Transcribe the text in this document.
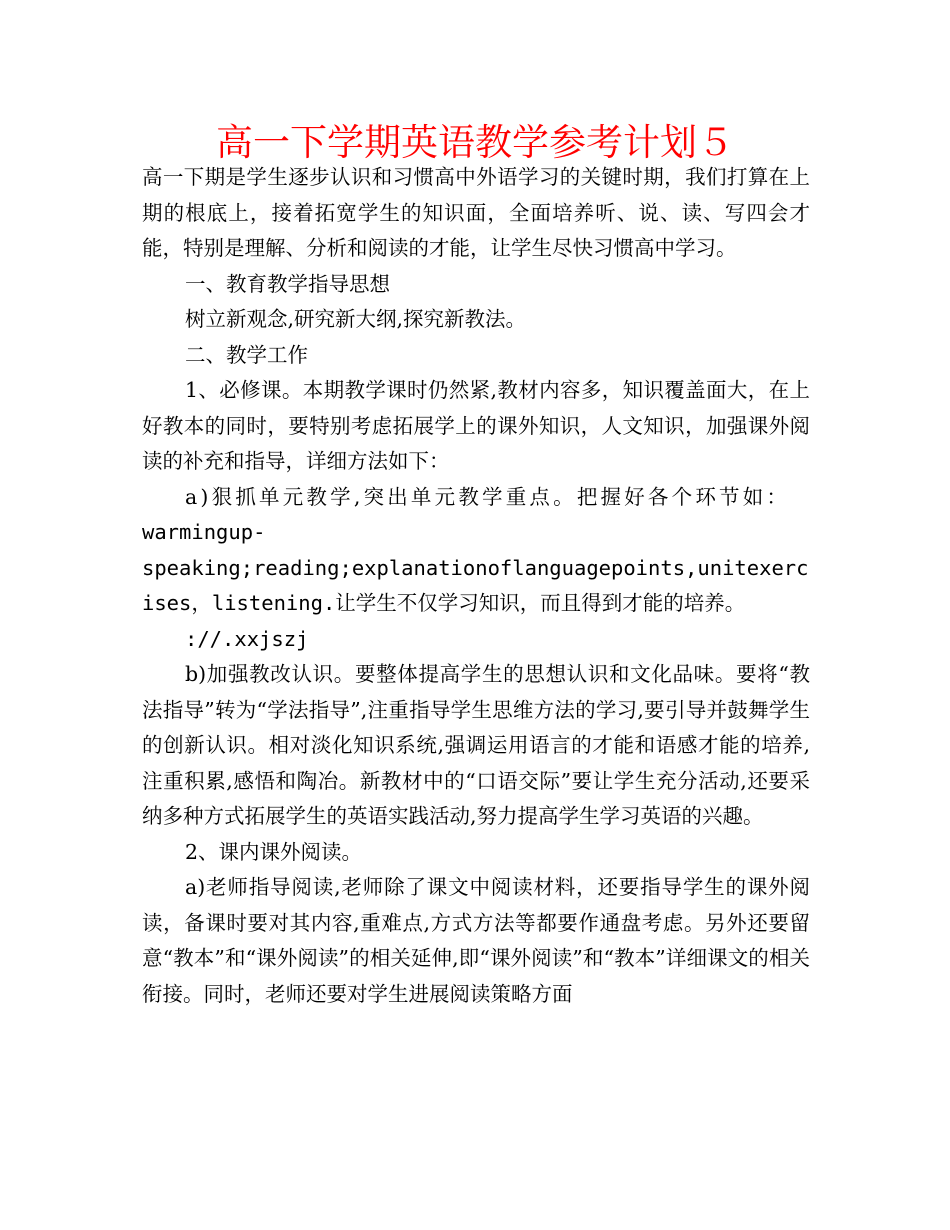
高一下学期英语教学参考计划５

高一下期是学生逐步认识和习惯高中外语学习的关键时期，我们打算在上期的根底上，接着拓宽学生的知识面，全面培养听、说、读、写四会才能，特别是理解、分析和阅读的才能，让学生尽快习惯高中学习。

一、教育教学指导思想

树立新观念,研究新大纲,探究新教法。

二、教学工作

1、必修课。本期教学课时仍然紧,教材内容多，知识覆盖面大，在上好教本的同时，要特别考虑拓展学上的课外知识，人文知识，加强课外阅读的补充和指导，详细方法如下：

a)狠抓单元教学,突出单元教学重点。把握好各个环节如：

warmingup-

speaking;reading;explanationoflanguagepoints,unitexercises，listening.让学生不仅学习知识，而且得到才能的培养。

://.xxjszj

b)加强教改认识。要整体提高学生的思想认识和文化品味。要将“教法指导”转为“学法指导”,注重指导学生思维方法的学习,要引导并鼓舞学生的创新认识。相对淡化知识系统,强调运用语言的才能和语感才能的培养,注重积累,感悟和陶冶。新教材中的“口语交际”要让学生充分活动,还要采纳多种方式拓展学生的英语实践活动,努力提高学生学习英语的兴趣。

2、课内课外阅读。

a)老师指导阅读,老师除了课文中阅读材料，还要指导学生的课外阅读，备课时要对其内容,重难点,方式方法等都要作通盘考虑。另外还要留意“教本”和“课外阅读”的相关延伸,即“课外阅读”和“教本”详细课文的相关衔接。同时，老师还要对学生进展阅读策略方面
